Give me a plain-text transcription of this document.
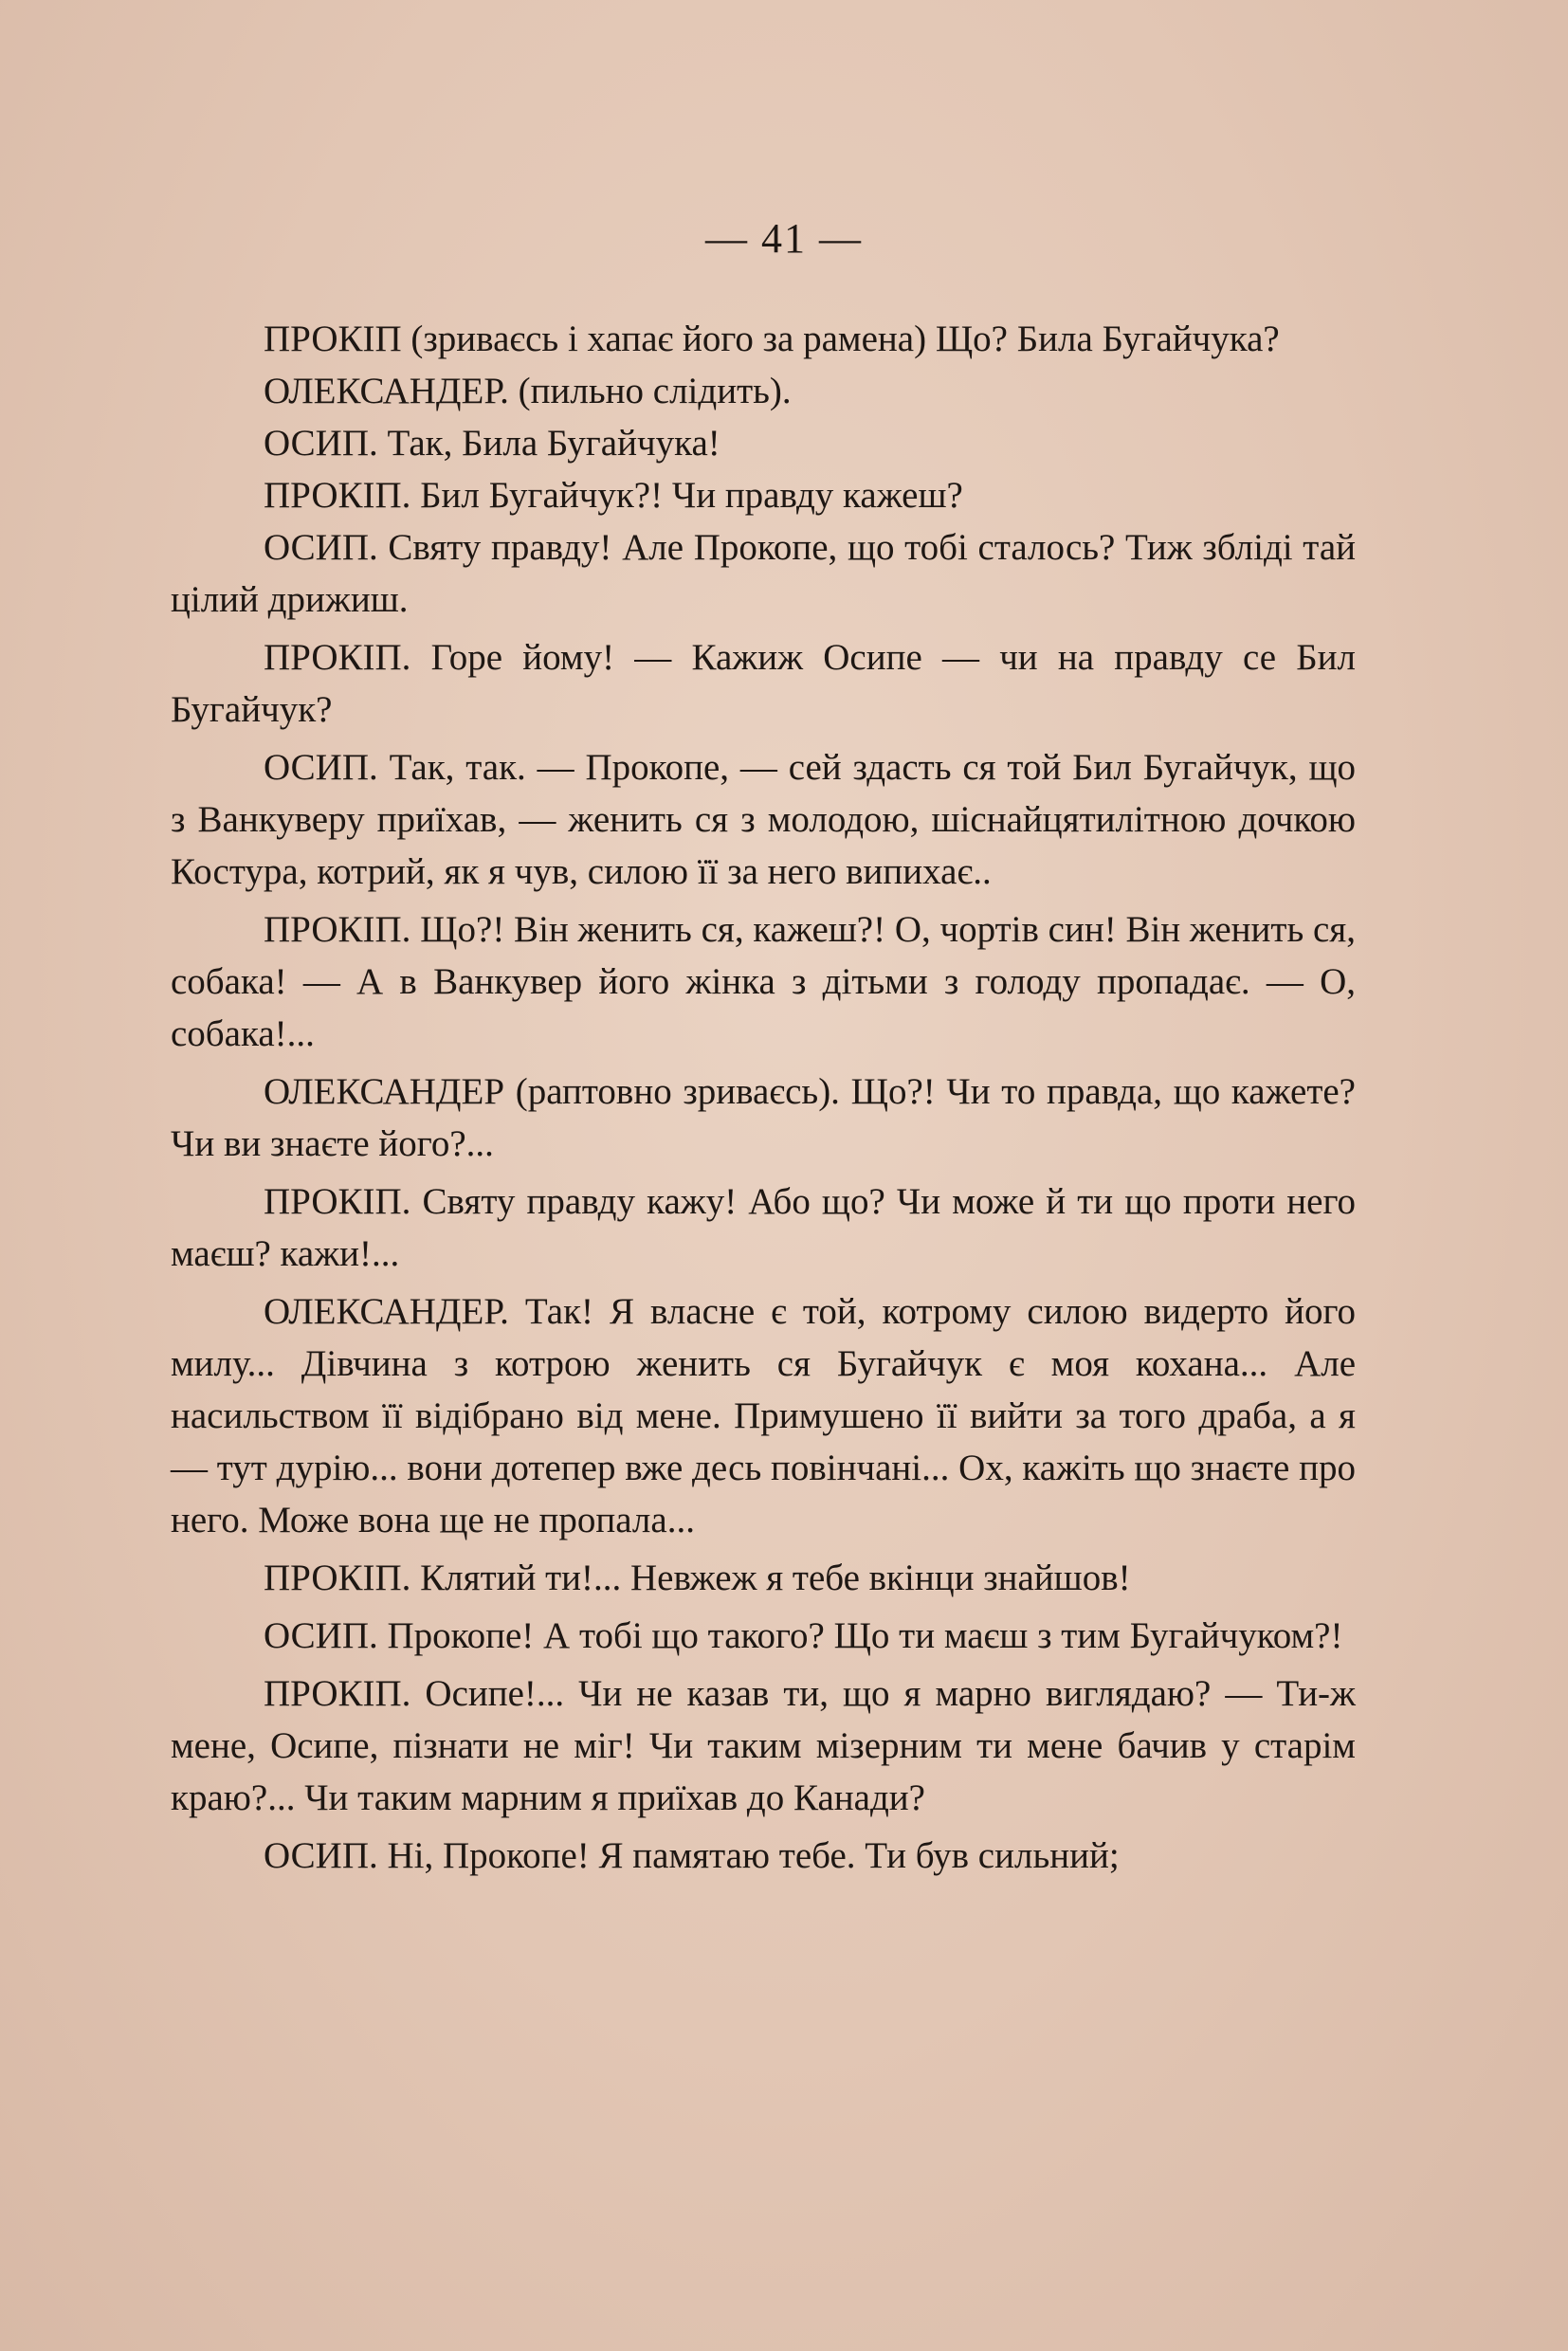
— 41 —

ПРОКІП (зриваєсь і хапає його за рамена) Що? Била Бугайчука?

ОЛЕКСАНДЕР. (пильно слідить).

ОСИП. Так, Била Бугайчука!

ПРОКІП. Бил Бугайчук?! Чи правду кажеш?

ОСИП. Святу правду! Але Прокопе, що тобі сталось? Тиж збліді тай цілий дрижиш.

ПРОКІП. Горе йому! — Кажиж Осипе — чи на правду се Бил Бугайчук?

ОСИП. Так, так. — Прокопе, — сей здасть ся той Бил Бугайчук, що з Ванкуверу приїхав, — женить ся з молодою, шіснайцятилітною дочкою Костура, котрий, як я чув, силою її за него випихає..

ПРОКІП. Що?! Він женить ся, кажеш?! О, чортів син! Він женить ся, собака! — А в Ванкувер його жінка з дітьми з голоду пропадає. — О, собака!...

ОЛЕКСАНДЕР (раптовно зриваєсь). Що?! Чи то правда, що кажете? Чи ви знаєте його?...

ПРОКІП. Святу правду кажу! Або що? Чи може й ти що проти него маєш? кажи!...

ОЛЕКСАНДЕР. Так! Я власне є той, котрому силою видерто його милу... Дівчина з котрою женить ся Бугайчук є моя кохана... Але насильством її відібрано від мене. Примушено її вийти за того драба, а я — тут дурію... вони дотепер вже десь повінчані... Ох, кажіть що знаєте про него. Може вона ще не пропала...

ПРОКІП. Клятий ти!... Невжеж я тебе вкінци знайшов!

ОСИП. Прокопе! А тобі що такого? Що ти маєш з тим Бугайчуком?!

ПРОКІП. Осипе!... Чи не казав ти, що я марно виглядаю? — Ти-ж мене, Осипе, пізнати не міг! Чи таким мізерним ти мене бачив у старім краю?... Чи таким марним я приїхав до Канади?

ОСИП. Ні, Прокопе! Я памятаю тебе. Ти був сильний;
